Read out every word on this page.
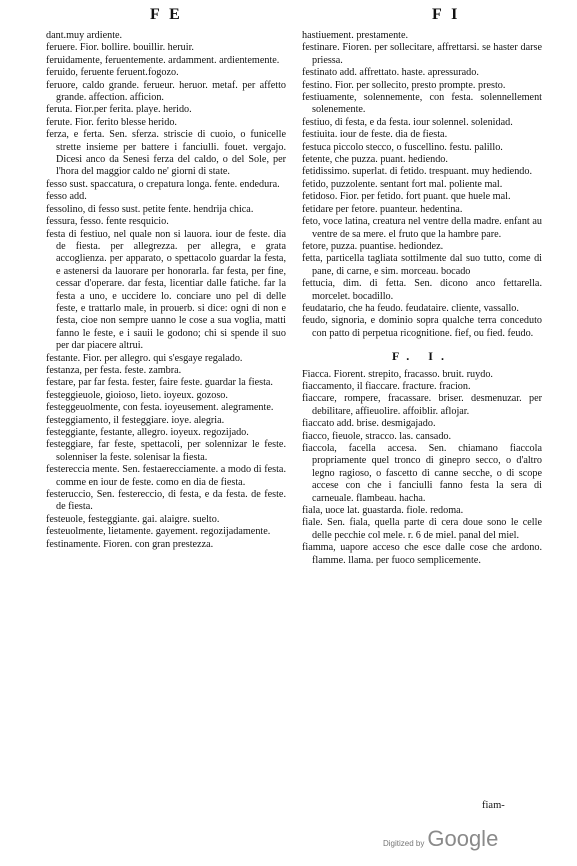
F E	F I

dant.muy ardiente.

feruere. Fior. bollire. bouillir. heruir.

feruidamente, feruentemente. ardamment. ardientemente.

feruido, feruente feruent.fogozo.

feruore, caldo grande. ferueur. heruor. metaf. per affetto grande. affection. afficion.

feruta. Fior.per ferita. playe. herido.

ferute. Fior. ferito blesse herido.

ferza, e ferta. Sen. sferza. striscie di cuoio, o funicelle strette insieme per battere i fanciulli. fouet. vergajo. Dicesi anco da Senesi ferza del caldo, o del Sole, per l'hora del maggior caldo ne' giorni di state.

fesso sust. spaccatura, o crepatura longa. fente. endedura.

fesso add.

fessolino, di fesso sust. petite fente. hendrija chica.

fessura, fesso. fente resquicio.

festa di festiuo, nel quale non si lauora. iour de feste. dia de fiesta. per allegrezza. per allegra, e grata accoglienza. per apparato, o spettacolo guardar la festa, e astenersi da lauorare per honorarla. far festa, per fine, cessar d'operare. dar festa, licentiar dalle fatiche. far la festa a uno, e uccidere lo. conciare uno pel di delle feste, e trattarlo male, in prouerb. si dice: ogni di non e festa, cioe non sempre uanno le cose a sua voglia, matti fanno le feste, e i sauii le godono; chi si spende il suo per dar piacere altrui.

festante. Fior. per allegro. qui s'esgaye regalado.

festanza, per festa. feste. zambra.

festare, par far festa. fester, faire feste. guardar la fiesta.

festeggieuole, gioioso, lieto. ioyeux. gozoso.

festeggeuolmente, con festa. ioyeusement. alegramente.

festeggiamento, il festeggiare. ioye. alegria.

festeggiante, festante, allegro. ioyeux. regozijado.

festeggiare, far feste, spettacoli, per solennizar le feste. solenniser la feste. solenisar la fiesta.

festereccia mente. Sen. festaerecciamente. a modo di festa. comme en iour de feste. como en dia de fiesta.

festeruccio, Sen. festereccio, di festa, e da festa. de feste. de fiesta.

festeuole, festeggiante. gai. alaigre. suelto.

festeuolmente, lietamente. gayement. regozijadamente.

festinamente. Fioren. con gran prestezza.

hastiuement. prestamente.

festinare. Fioren. per sollecitare, affrettarsi. se haster darse priessa.

festinato add. affrettato. haste. apressurado.

festino. Fior. per sollecito, presto prompte. presto.

festiuamente, solennemente, con festa. solennellement solenemente.

festiuo, di festa, e da festa. iour solennel. solenidad.

festiuita. iour de feste. dia de fiesta.

festuca piccolo stecco, o fuscellino. festu. palillo.

fetente, che puzza. puant. hediendo.

fetidissimo. superlat. di fetido. trespuant. muy hediendo.

fetido, puzzolente. sentant fort mal. poliente mal.

fetidoso. Fior. per fetido. fort puant. que huele mal.

fetidare per fetore. puanteur. hedentina.

feto, voce latina, creatura nel ventre della madre. enfant au ventre de sa mere. el fruto que la hambre pare.

fetore, puzza. puantise. hediondez.

fetta, particella tagliata sottilmente dal suo tutto, come di pane, di carne, e sim. morceau. bocado

fettucia, dim. di fetta. Sen. dicono anco fettarella. morcelet. bocadillo.

feudatario, che ha feudo. feudataire. cliente, vassallo.

feudo, signoria, e dominio sopra qualche terra conceduto con patto di perpetua ricognitione. fief, ou fied. feudo.

F. I.

Fiacca. Fiorent. strepito, fracasso. bruit. ruydo.

fiaccamento, il fiaccare. fracture. fracion.

fiaccare, rompere, fracassare. briser. desmenuzar. per debilitare, affieuolire. affoiblir. aflojar.

fiaccato add. brise. desmigajado.

fiacco, fieuole, stracco. las. cansado.

fiaccola, facella accesa. Sen. chiamano fiaccola propriamente quel tronco di ginepro secco, o d'altro legno ragioso, o fascetto di canne secche, o di scope accese con che i fanciulli fanno festa la sera di carneuale. flambeau. hacha.

fiala, uoce lat. guastarda. fiole. redoma.

fiale. Sen. fiala, quella parte di cera doue sono le celle delle pecchie col mele. r. 6 de miel. panal del miel.

fiamma, uapore acceso che esce dalle cose che ardono. flamme. llama. per fuoco semplicemente.

fiam-
Digitized by Google
